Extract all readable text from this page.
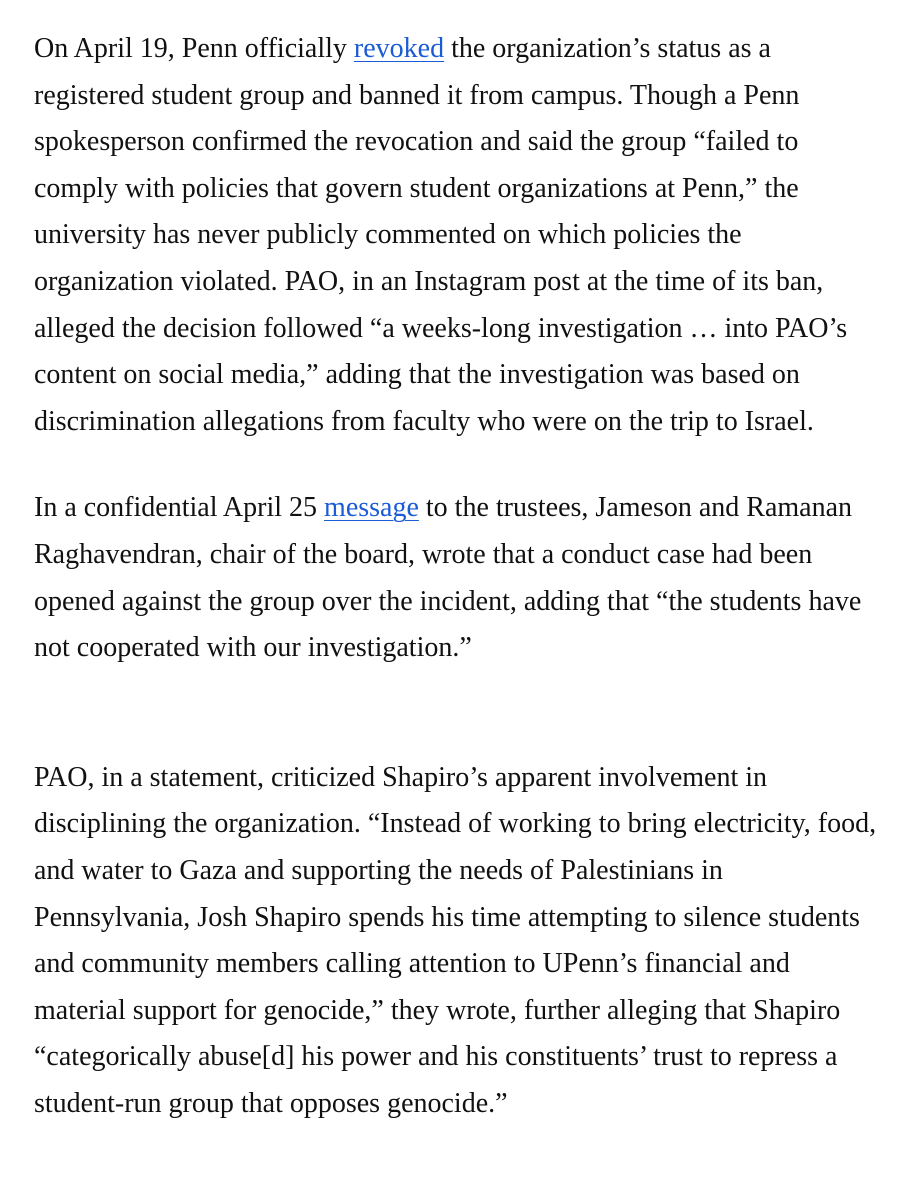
On April 19, Penn officially revoked the organization’s status as a registered student group and banned it from campus. Though a Penn spokesperson confirmed the revocation and said the group “failed to comply with policies that govern student organizations at Penn,” the university has never publicly commented on which policies the organization violated. PAO, in an Instagram post at the time of its ban, alleged the decision followed “a weeks-long investigation … into PAO’s content on social media,” adding that the investigation was based on discrimination allegations from faculty who were on the trip to Israel.

In a confidential April 25 message to the trustees, Jameson and Ramanan Raghavendran, chair of the board, wrote that a conduct case had been opened against the group over the incident, adding that “the students have not cooperated with our investigation.”

PAO, in a statement, criticized Shapiro’s apparent involvement in disciplining the organization. “Instead of working to bring electricity, food, and water to Gaza and supporting the needs of Palestinians in Pennsylvania, Josh Shapiro spends his time attempting to silence students and community members calling attention to UPenn’s financial and material support for genocide,” they wrote, further alleging that Shapiro “categorically abuse[d] his power and his constituents’ trust to repress a student-run group that opposes genocide.”
